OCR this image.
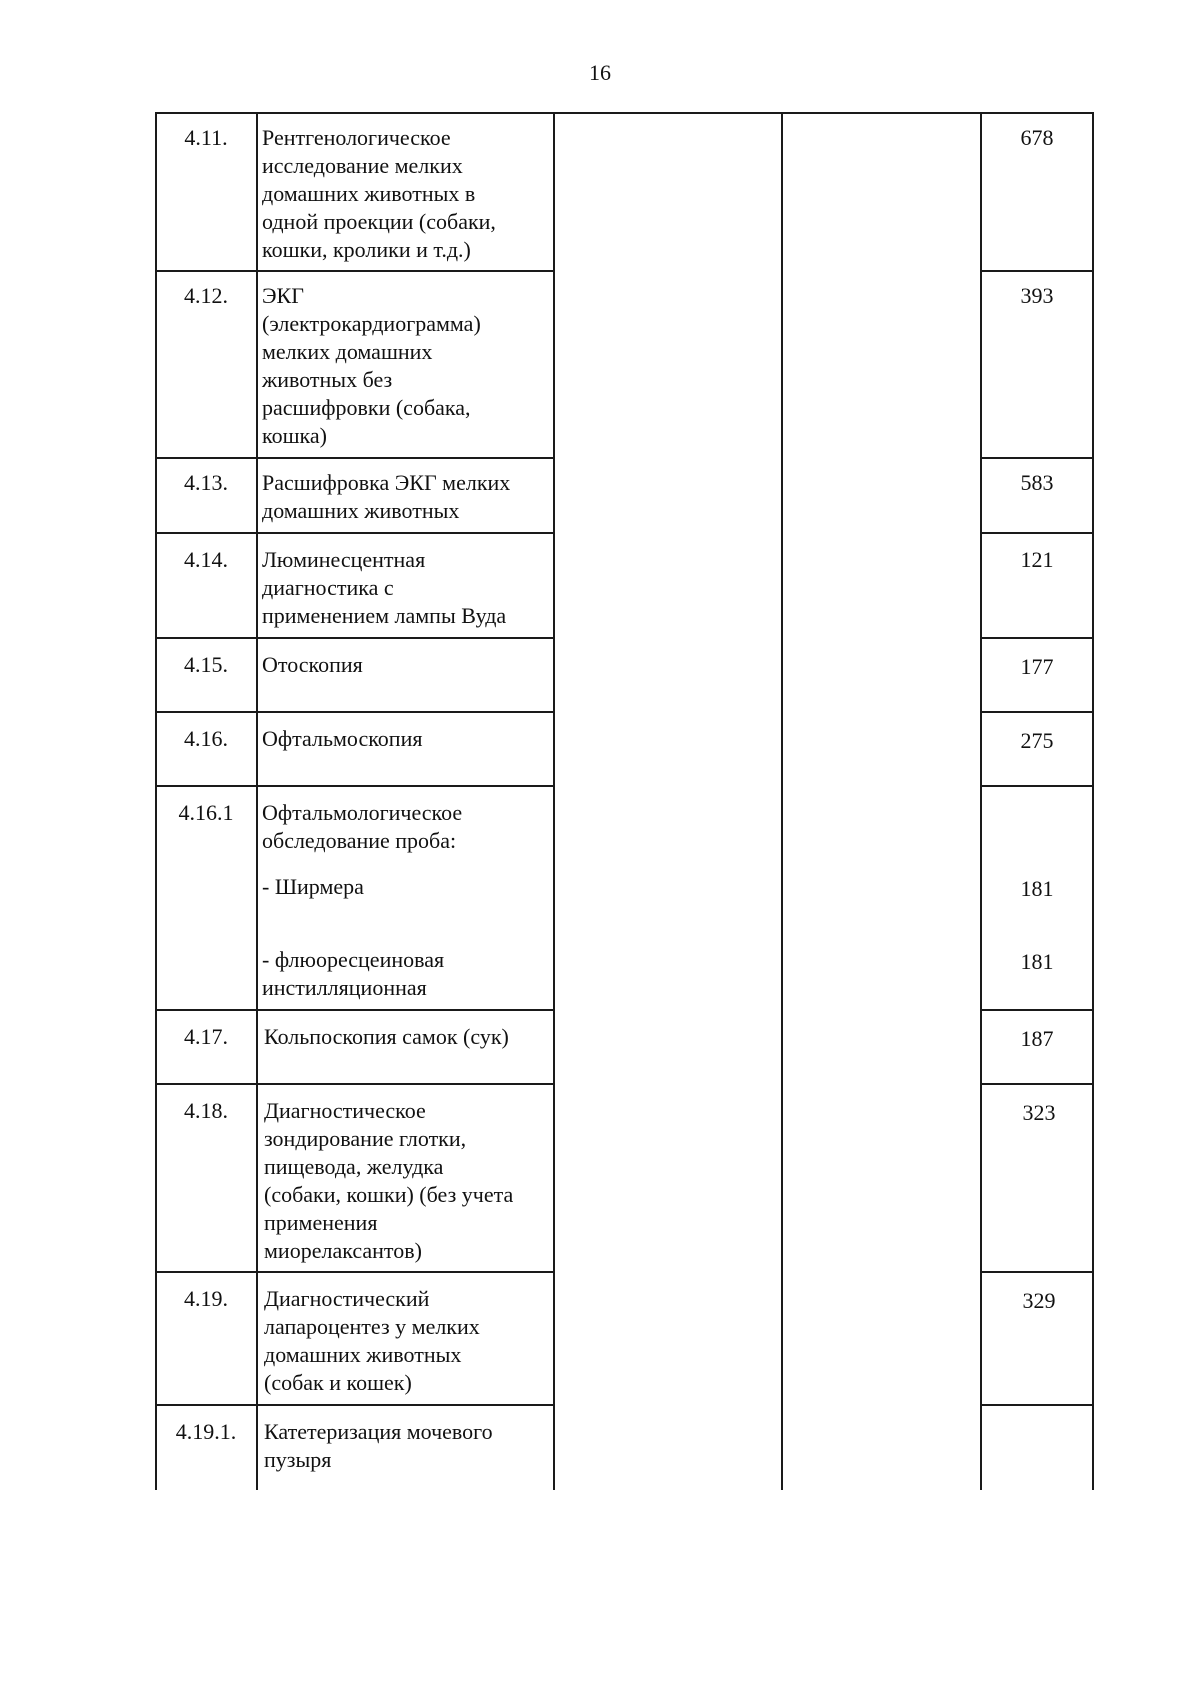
16
4.11.	Рентгенологическое
исследование мелких
домашних животных в
одной проекции (собаки,
кошки, кролики и т.д.)
678
4.12.	ЭКГ
(электрокардиограмма)
мелких домашних
животных без
расшифровки (собака,
кошка)
393
4.13.	Расшифровка ЭКГ мелких
домашних животных
583
4.14.	Люминесцентная
диагностика с
применением лампы Вуда
121
4.15.	Отоскопия	177
4.16.	Офтальмоскопия	275
4.16.1	Офтальмологическое
обследование проба:
- Ширмера	181
- флюоресцеиновая
инстилляционная
181
4.17.	Кольпоскопия самок (сук)	187
4.18.	Диагностическое
зондирование глотки,
пищевода, желудка
(собаки, кошки) (без учета
применения
миорелаксантов)
323
4.19.	Диагностический
лапароцентез у мелких
домашних животных
(собак и кошек)
329
4.19.1.	Катетеризация мочевого
пузыря
